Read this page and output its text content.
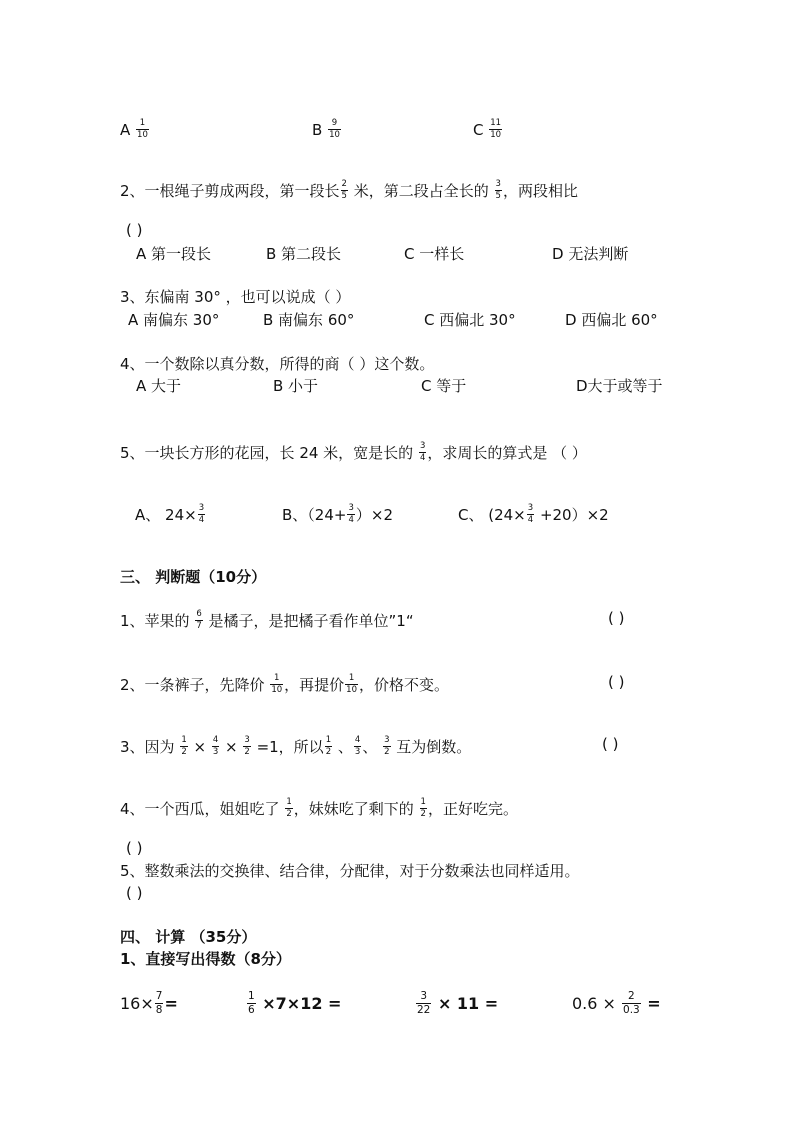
A $\frac{1}{10}$	B $\frac{9}{10}$	C $\frac{11}{10}$
2、一根绳子剪成两段，第一段长 $\frac{2}{5}$ 米，第二段占全长的 $\frac{3}{5}$ ，两段相比
( )
A 第一段长	B 第二段长	C 一样长	D 无法判断
3、东偏南 30° ，也可以说成（ ）
A 南偏东 30°	B 南偏东 60°	C 西偏北 30°	D 西偏北 60°
4、一个数除以真分数，所得的商（ ）这个数。
A 大于	B 小于	C 等于	D大于或等于
5、一块长方形的花园，长 24 米，宽是长的 $\frac{3}{4}$ ，求周长的算式是 （ ）
A、 $24\times \frac{3}{4}$	B、$(24+ \frac{3}{4} )\times 2$	C、 $(24\times \frac{3}{4} +20)\times 2$
三、 判断题（10分）
1、苹果的 $\frac{6}{7}$ 是橘子，是把橘子看作单位”1“	( )
2、一条裤子，先降价 $\frac{1}{10}$ ，再提价 $\frac{1}{10}$ ，价格不变。	( )
3、因为 $\frac{1}{2} \times \frac{4}{3} \times \frac{3}{2} =1$，所以 $\frac{1}{2}$ 、 $\frac{4}{3}$ 、 $\frac{3}{2}$ 互为倒数。	( )
4、一个西瓜，姐姐吃了 $\frac{1}{2}$ ，妹妹吃了剩下的 $\frac{1}{2}$ ，正好吃完。
( )
5、整数乘法的交换律、结合律，分配律，对于分数乘法也同样适用。
( )
四、 计算 （35分）
1、直接写出得数（8分）
$16\times \frac{7}{8}$ =	$\frac{1}{6} \times 7\times 12$ =	$\frac{3}{22} \times 11$ =	$0.6 \times \frac{2}{0.3}$ =
